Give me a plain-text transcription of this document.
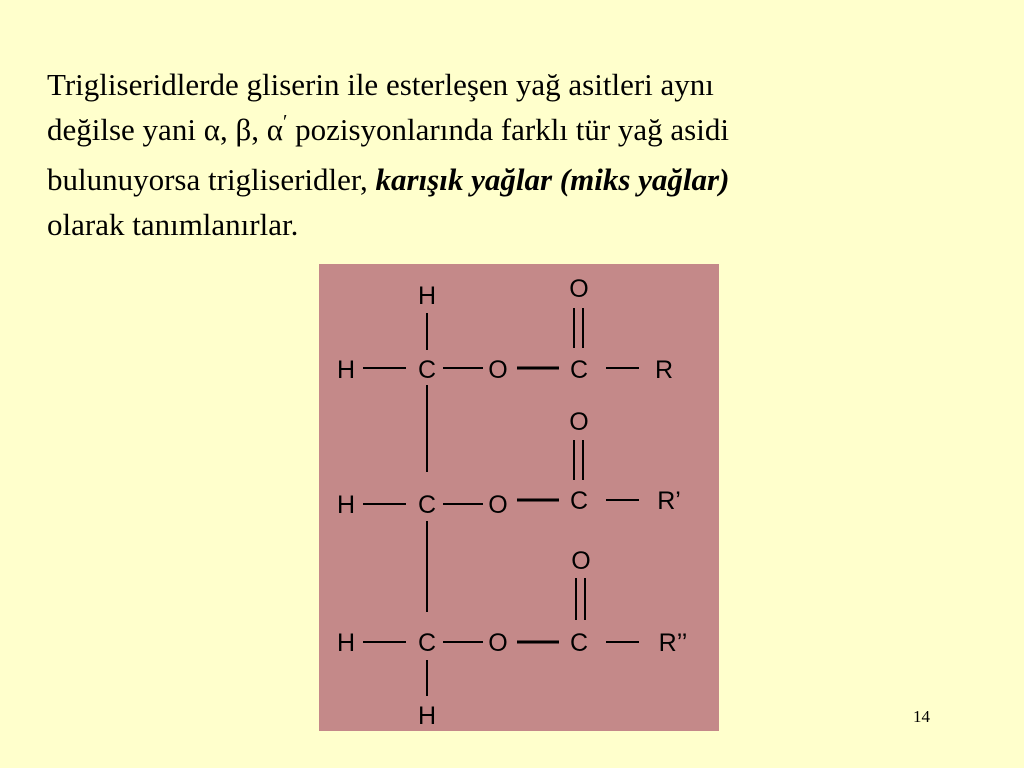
Trigliseridlerde gliserin ile esterleşen yağ asitleri aynı
değilse yani α, β, α′ pozisyonlarında farklı tür yağ asidi
bulunuyorsa trigliseridler, karışık yağlar (miks yağlar)
olarak tanımlanırlar.

H
H	C O C	R
O
H	C O C	R’
O
H	C O C	R’’
O
H	14
